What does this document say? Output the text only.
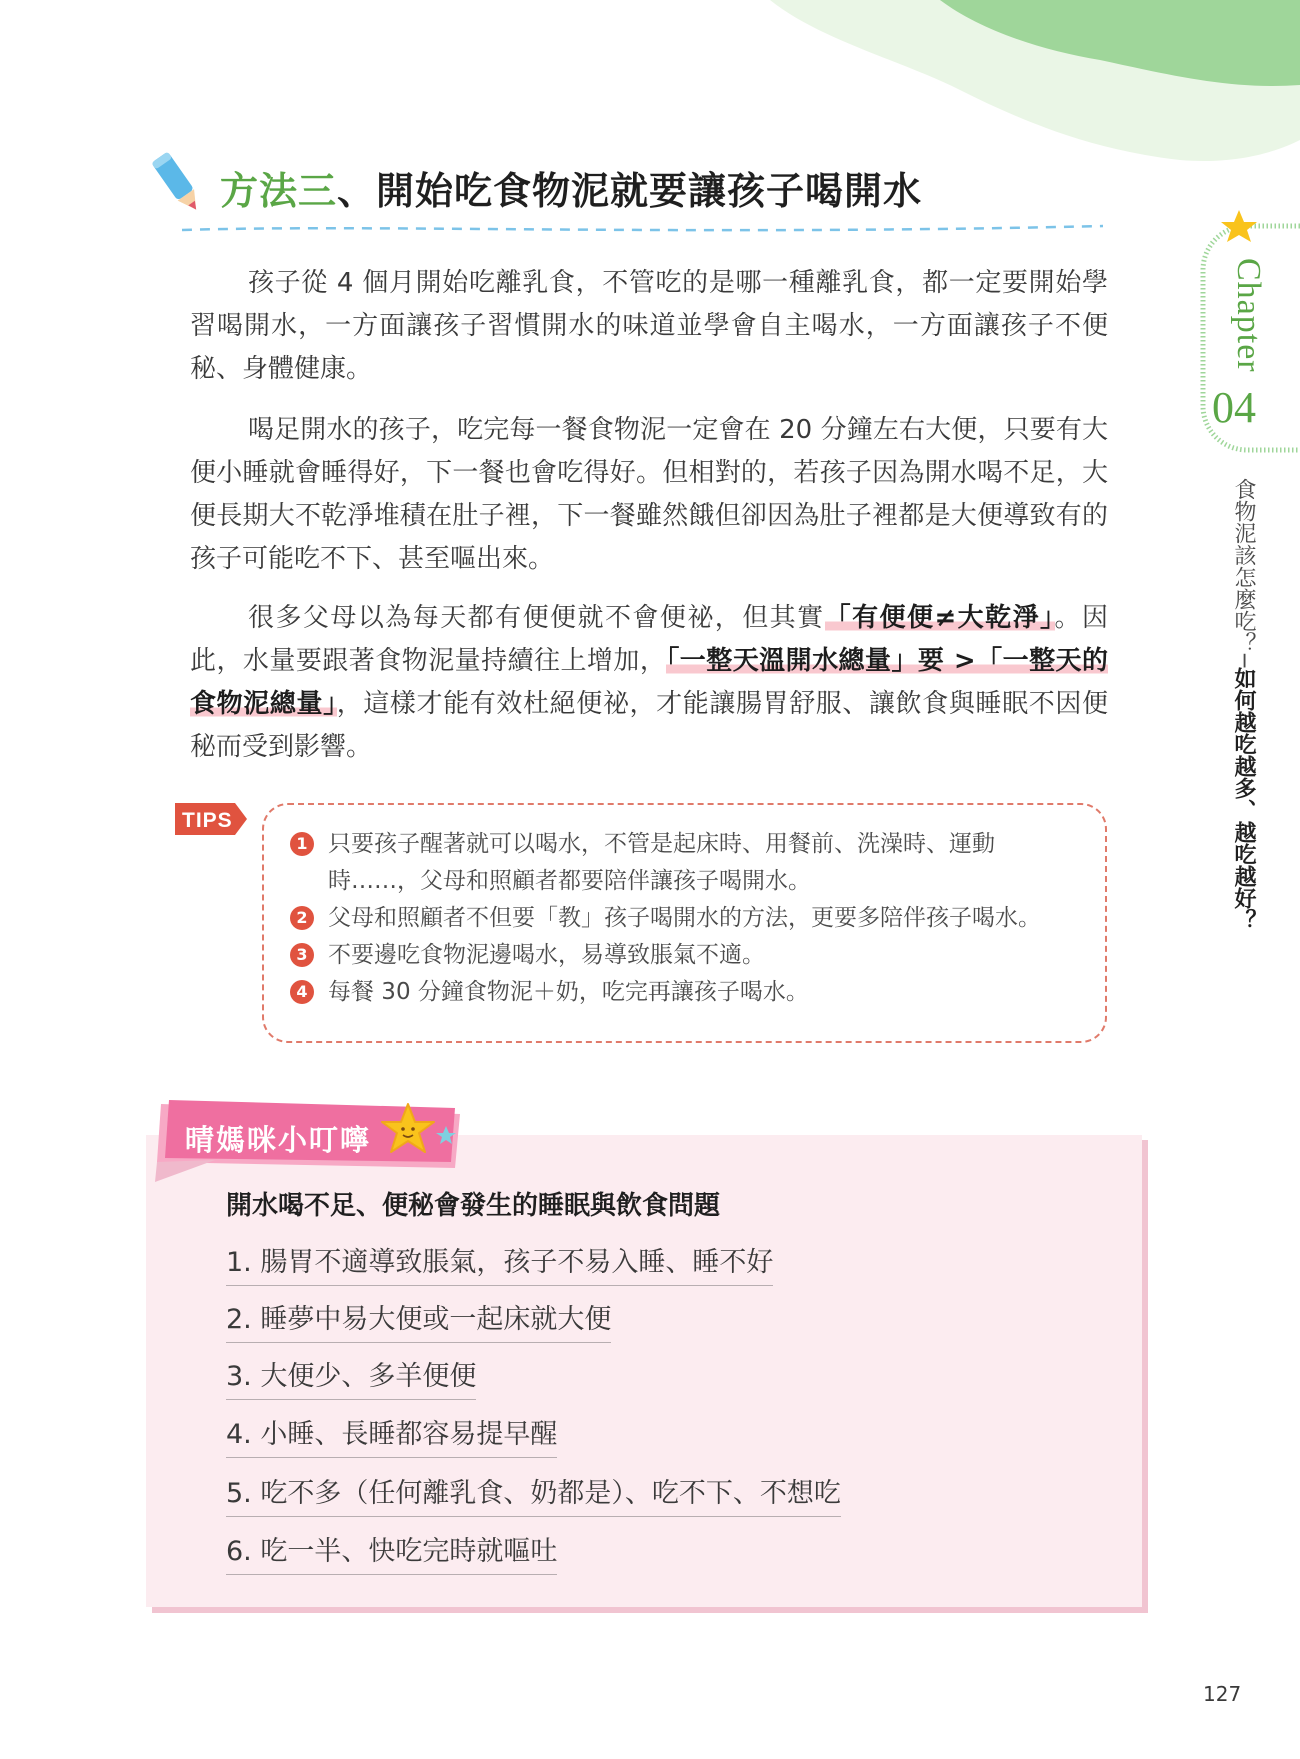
方法三、開始吃食物泥就要讓孩子喝開水

孩子從 4 個月開始吃離乳食，不管吃的是哪一種離乳食，都一定要開始學習喝開水，一方面讓孩子習慣開水的味道並學會自主喝水，一方面讓孩子不便秘、身體健康。

喝足開水的孩子，吃完每一餐食物泥一定會在 20 分鐘左右大便，只要有大便小睡就會睡得好，下一餐也會吃得好。但相對的，若孩子因為開水喝不足，大便長期大不乾淨堆積在肚子裡，下一餐雖然餓但卻因為肚子裡都是大便導致有的孩子可能吃不下、甚至嘔出來。

很多父母以為每天都有便便就不會便祕，但其實「有便便≠大乾淨」。因此，水量要跟著食物泥量持續往上增加，「一整天溫開水總量」要 >「一整天的食物泥總量」，這樣才能有效杜絕便祕，才能讓腸胃舒服、讓飲食與睡眠不因便秘而受到影響。

TIPS
1 只要孩子醒著就可以喝水，不管是起床時、用餐前、洗澡時、運動
時……，父母和照顧者都要陪伴讓孩子喝開水。
2 父母和照顧者不但要「教」孩子喝開水的方法，更要多陪伴孩子喝水。
3 不要邊吃食物泥邊喝水，易導致脹氣不適。
4 每餐 30 分鐘食物泥＋奶，吃完再讓孩子喝水。
晴媽咪小叮嚀
開水喝不足、便秘會發生的睡眠與飲食問題
1. 腸胃不適導致脹氣，孩子不易入睡、睡不好
2. 睡夢中易大便或一起床就大便
3. 大便少、多羊便便
4. 小睡、長睡都容易提早醒
5. 吃不多（任何離乳食、奶都是）、吃不下、不想吃
6. 吃一半、快吃完時就嘔吐
Chapter
04
食物泥該怎麼吃？─如何越吃越多、越吃越好？
127
